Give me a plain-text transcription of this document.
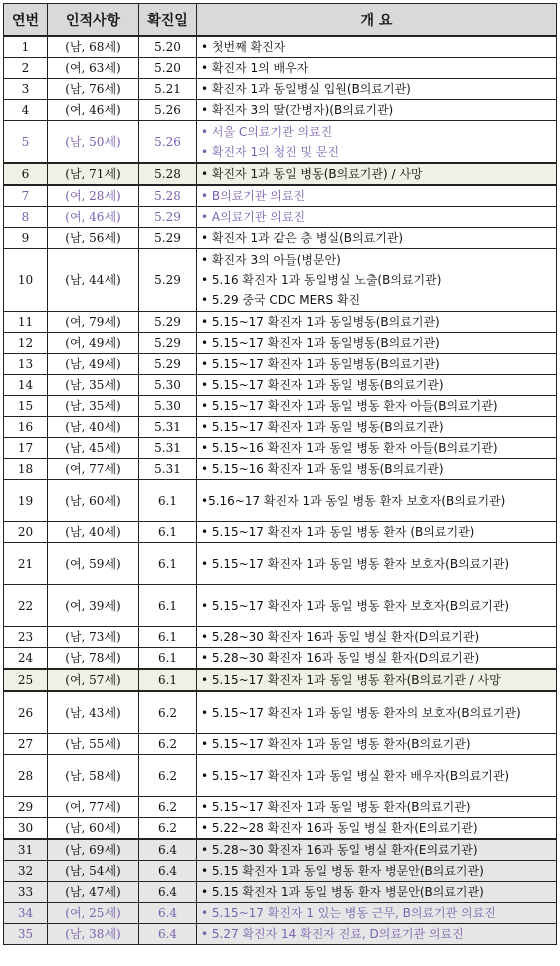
연번	인적사항	확진일	개 요
1	(남, 68세)	5.20	• 첫번째 확진자

2	(여, 63세)	5.20	• 확진자 1의 배우자

3	(남, 76세)	5.21	• 확진자 1과 동일병실 입원(B의료기관)

4	(여, 46세)	5.26	• 확진자 3의 딸(간병자)(B의료기관)

5	(남, 50세)	5.26	• 서울 C의료기관 의료진
• 확진자 1의 청진 및 문진

6	(남, 71세)	5.28	• 확진자 1과 동일 병동(B의료기관) / 사망

7	(여, 28세)	5.28	• B의료기관 의료진

8	(여, 46세)	5.29	• A의료기관 의료진

9	(남, 56세)	5.29	• 확진자 1과 같은 층 병실(B의료기관)

10	(남, 44세)	5.29	• 확진자 3의 아들(병문안)
• 5.16 확진자 1과 동일병실 노출(B의료기관)
• 5.29 중국 CDC MERS 확진

11	(여, 79세)	5.29	• 5.15~17 확진자 1과 동일병동(B의료기관)

12	(여, 49세)	5.29	• 5.15~17 확진자 1과 동일병동(B의료기관)

13	(남, 49세)	5.29	• 5.15~17 확진자 1과 동일병동(B의료기관)

14	(남, 35세)	5.30	• 5.15~17 확진자 1과 동일 병동(B의료기관)

15	(남, 35세)	5.30	• 5.15~17 확진자 1과 동일 병동 환자 아들(B의료기관)

16	(남, 40세)	5.31	• 5.15~17 확진자 1과 동일 병동(B의료기관)

17	(남, 45세)	5.31	• 5.15~16 확진자 1과 동일 병동 환자 아들(B의료기관)

18	(여, 77세)	5.31	• 5.15~16 확진자 1과 동일 병동(B의료기관)

19	(남, 60세)	6.1	•5.16~17 확진자 1과 동일 병동 환자 보호자(B의료기관)

20	(남, 40세)	6.1	• 5.15~17 확진자 1과 동일 병동 환자 (B의료기관)

21	(여, 59세)	6.1	• 5.15~17 확진자 1과 동일 병동 환자 보호자(B의료기관)

22	(여, 39세)	6.1	• 5.15~17 확진자 1과 동일 병동 환자 보호자(B의료기관)

23	(남, 73세)	6.1	• 5.28~30 확진자 16과 동일 병실 환자(D의료기관)

24	(남, 78세)	6.1	• 5.28~30 확진자 16과 동일 병실 환자(D의료기관)

25	(여, 57세)	6.1	• 5.15~17 확진자 1과 동일 병동 환자(B의료기관 / 사망

26	(남, 43세)	6.2	• 5.15~17 확진자 1과 동일 병동 환자의 보호자(B의료기관)

27	(남, 55세)	6.2	• 5.15~17 확진자 1과 동일 병동 환자(B의료기관)

28	(남, 58세)	6.2	• 5.15~17 확진자 1과 동일 병실 환자 배우자(B의료기관)

29	(여, 77세)	6.2	• 5.15~17 확진자 1과 동일 병동 환자(B의료기관)

30	(남, 60세)	6.2	• 5.22~28 확진자 16과 동일 병실 환자(E의료기관)

31	(남, 69세)	6.4	• 5.28~30 확진자 16과 동일 병실 환자(E의료기관)

32	(남, 54세)	6.4	• 5.15 확진자 1과 동일 병동 환자 병문안(B의료기관)

33	(남, 47세)	6.4	• 5.15 확진자 1과 동일 병동 환자 병문안(B의료기관)

34	(여, 25세)	6.4	• 5.15~17 확진자 1 있는 병동 근무, B의료기관 의료진

35	(남, 38세)	6.4	• 5.27 확진자 14 확진자 진료, D의료기관 의료진
